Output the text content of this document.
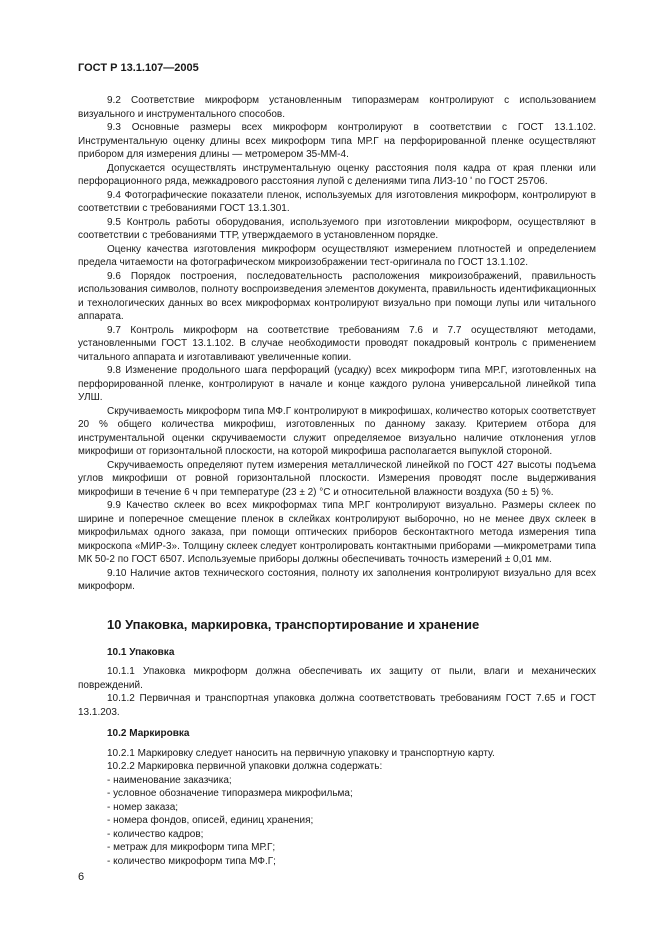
ГОСТ Р 13.1.107—2005

9.2 Соответствие микроформ установленным типоразмерам контролируют с использованием визуального и инструментального способов.

9.3 Основные размеры всех микроформ контролируют в соответствии с ГОСТ 13.1.102. Инструментальную оценку длины всех микроформ типа МР.Г на перфорированной пленке осуществляют прибором для измерения длины — метромером 35-ММ-4.

Допускается осуществлять инструментальную оценку расстояния поля кадра от края пленки или перфорационного ряда, межкадрового расстояния лупой с делениями типа ЛИЗ-10 ʹ по ГОСТ 25706.

9.4 Фотографические показатели пленок, используемых для изготовления микроформ, контролируют в соответствии с требованиями ГОСТ 13.1.301.

9.5 Контроль работы оборудования, используемого при изготовлении микроформ, осуществляют в соответствии с требованиями ТТР, утверждаемого в установленном порядке.

Оценку качества изготовления микроформ осуществляют измерением плотностей и определением предела читаемости на фотографическом микроизображении тест-оригинала по ГОСТ 13.1.102.

9.6 Порядок построения, последовательность расположения микроизображений, правильность использования символов, полноту воспроизведения элементов документа, правильность идентификационных и технологических данных во всех микроформах контролируют визуально при помощи лупы или читального аппарата.

9.7 Контроль микроформ на соответствие требованиям 7.6 и 7.7 осуществляют методами, установленными ГОСТ 13.1.102. В случае необходимости проводят покадровый контроль с применением читального аппарата и изготавливают увеличенные копии.

9.8 Изменение продольного шага перфораций (усадку) всех микроформ типа МР.Г, изготовленных на перфорированной пленке, контролируют в начале и конце каждого рулона универсальной линейкой типа УЛШ.

Скручиваемость микроформ типа МФ.Г контролируют в микрофишах, количество которых соответствует 20 % общего количества микрофиш, изготовленных по данному заказу. Критерием отбора для инструментальной оценки скручиваемости служит определяемое визуально наличие отклонения углов микрофиши от горизонтальной плоскости, на которой микрофиша располагается выпуклой стороной.

Скручиваемость определяют путем измерения металлической линейкой по ГОСТ 427 высоты подъема углов микрофиши от ровной горизонтальной плоскости. Измерения проводят после выдерживания микрофиши в течение 6 ч при температуре (23 ± 2) °С и относительной влажности воздуха (50 ± 5) %.

9.9 Качество склеек во всех микроформах типа МР.Г контролируют визуально. Размеры склеек по ширине и поперечное смещение пленок в склейках контролируют выборочно, но не менее двух склеек в микрофильмах одного заказа, при помощи оптических приборов бесконтактного метода измерения типа микроскопа «МИР-3». Толщину склеек следует контролировать контактными приборами —микрометрами типа МК 50-2 по ГОСТ 6507. Используемые приборы должны обеспечивать точность измерений ± 0,01 мм.

9.10 Наличие актов технического состояния, полноту их заполнения контролируют визуально для всех микроформ.

10 Упаковка, маркировка, транспортирование и хранение

10.1 Упаковка

10.1.1 Упаковка микроформ должна обеспечивать их защиту от пыли, влаги и механических повреждений.

10.1.2 Первичная и транспортная упаковка должна соответствовать требованиям ГОСТ 7.65 и ГОСТ 13.1.203.

10.2 Маркировка

10.2.1 Маркировку следует наносить на первичную упаковку и транспортную карту.

10.2.2 Маркировка первичной упаковки должна содержать:

- наименование заказчика;

- условное обозначение типоразмера микрофильма;

- номер заказа;

- номера фондов, описей, единиц хранения;

- количество кадров;

- метраж для микроформ типа МР.Г;

- количество микроформ типа МФ.Г;

6
